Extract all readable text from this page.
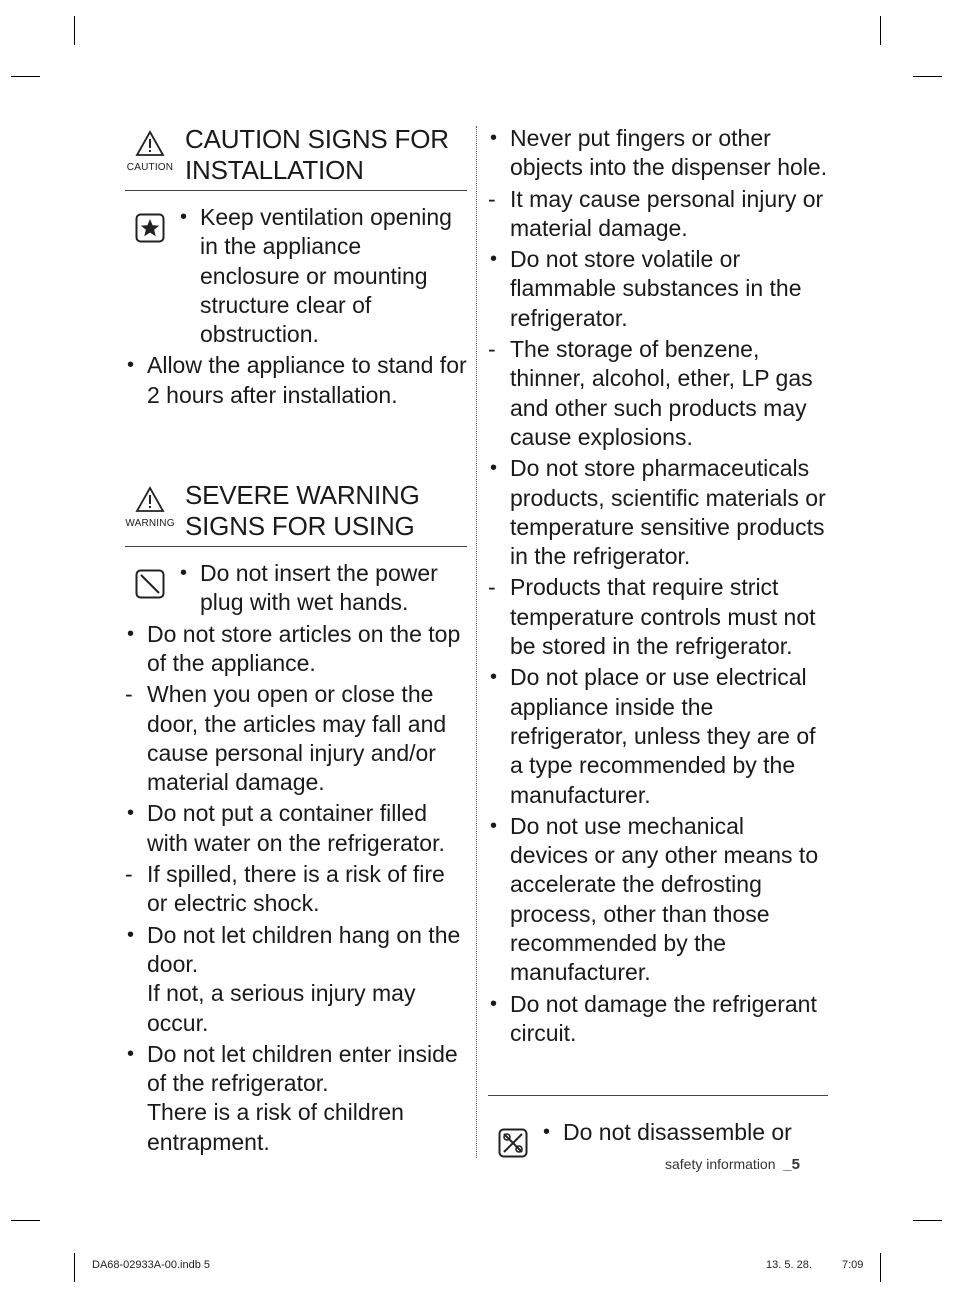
CAUTION
CAUTION SIGNS FOR
INSTALLATION
• Keep ventilation opening in the appliance enclosure or mounting structure clear of obstruction.
• Allow the appliance to stand for 2 hours after installation.
WARNING
SEVERE WARNING
SIGNS FOR USING
• Do not insert the power plug with wet hands.
• Do not store articles on the top of the appliance.
- When you open or close the door, the articles may fall and cause personal injury and/or material damage.
• Do not put a container filled with water on the refrigerator.
- If spilled, there is a risk of fire or electric shock.
• Do not let children hang on the door.
If not, a serious injury may occur.
• Do not let children enter inside of the refrigerator.
There is a risk of children entrapment.
• Never put fingers or other objects into the dispenser hole.
- It may cause personal injury or material damage.
• Do not store volatile or flammable substances in the refrigerator.
- The storage of benzene, thinner, alcohol, ether, LP gas and other such products may cause explosions.
• Do not store pharmaceuticals products, scientific materials or temperature sensitive products in the refrigerator.
- Products that require strict temperature controls must not be stored in the refrigerator.
• Do not place or use electrical appliance inside the refrigerator, unless they are of a type recommended by the manufacturer.
• Do not use mechanical devices or any other means to accelerate the defrosting process, other than those recommended by the manufacturer.
• Do not damage the refrigerant circuit.
• Do not disassemble or
safety information _5
DA68-02933A-00.indb 5	13. 5. 28.	7:09
